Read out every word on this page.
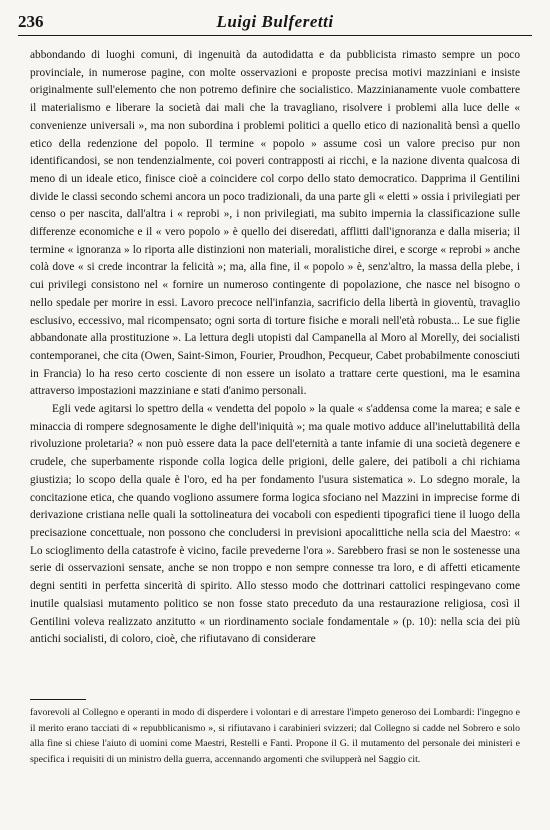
236	Luigi Bulferetti

abbondando di luoghi comuni, di ingenuità da autodidatta e da pubblicista rimasto sempre un poco provinciale, in numerose pagine, con molte osservazioni e proposte precisa motivi mazziniani e insiste originalmente sull'elemento che non potremo definire che socialistico. Mazzinianamente vuole combattere il materialismo e liberare la società dai mali che la travagliano, risolvere i problemi alla luce delle « convenienze universali », ma non subordina i problemi politici a quello etico di nazionalità bensì a quello etico della redenzione del popolo. Il termine « popolo » assume così un valore preciso pur non identificandosi, se non tendenzialmente, coi poveri contrapposti ai ricchi, e la nazione diventa qualcosa di meno di un ideale etico, finisce cioè a coincidere col corpo dello stato democratico. Dapprima il Gentilini divide le classi secondo schemi ancora un poco tradizionali, da una parte gli « eletti » ossia i privilegiati per censo o per nascita, dall'altra i « reprobi », i non privilegiati, ma subito impernia la classificazione sulle differenze economiche e il « vero popolo » è quello dei diseredati, afflitti dall'ignoranza e dalla miseria; il termine « ignoranza » lo riporta alle distinzioni non materiali, moralistiche direi, e scorge « reprobi » anche colà dove « si crede incontrar la felicità »; ma, alla fine, il « popolo » è, senz'altro, la massa della plebe, i cui privilegi consistono nel « fornire un numeroso contingente di popolazione, che nasce nel bisogno o nello spedale per morire in essi. Lavoro precoce nell'infanzia, sacrificio della libertà in gioventù, travaglio esclusivo, eccessivo, mal ricompensato; ogni sorta di torture fisiche e morali nell'età robusta... Le sue figlie abbandonate alla prostituzione ». La lettura degli utopisti dal Campanella al Moro al Morelly, dei socialisti contemporanei, che cita (Owen, Saint-Simon, Fourier, Proudhon, Pecqueur, Cabet probabilmente conosciuti in Francia) lo ha reso certo cosciente di non essere un isolato a trattare certe questioni, ma le esamina attraverso impostazioni mazziniane e stati d'animo personali.

Egli vede agitarsi lo spettro della « vendetta del popolo » la quale « s'addensa come la marea; e sale e minaccia di rompere sdegnosamente le dighe dell'iniquità »; ma quale motivo adduce all'ineluttabilità della rivoluzione proletaria? « non può essere data la pace dell'eternità a tante infamie di una società degenere e crudele, che superbamente risponde colla logica delle prigioni, delle galere, dei patiboli a chi richiama giustizia; lo scopo della quale è l'oro, ed ha per fondamento l'usura sistematica ». Lo sdegno morale, la concitazione etica, che quando vogliono assumere forma logica sfociano nel Mazzini in imprecise forme di derivazione cristiana nelle quali la sottolineatura dei vocaboli con espedienti tipografici tiene il luogo della precisazione concettuale, non possono che concludersi in previsioni apocalittiche nella scia del Maestro: « Lo scioglimento della catastrofe è vicino, facile prevederne l'ora ». Sarebbero frasi se non le sostenesse una serie di osservazioni sensate, anche se non troppo e non sempre connesse tra loro, e di affetti eticamente degni sentiti in perfetta sincerità di spirito. Allo stesso modo che dottrinari cattolici respingevano come inutile qualsiasi mutamento politico se non fosse stato preceduto da una restaurazione religiosa, così il Gentilini voleva realizzato anzitutto « un riordinamento sociale fondamentale » (p. 10): nella scia dei più antichi socialisti, di coloro, cioè, che rifiutavano di considerare

favorevoli al Collegno e operanti in modo di disperdere i volontari e di arrestare l'impeto generoso dei Lombardi: l'ingegno e il merito erano tacciati di « repubblicanismo », si rifiutavano i carabinieri svizzeri; dal Collegno si cadde nel Sobrero e solo alla fine si chiese l'aiuto di uomini come Maestri, Restelli e Fanti. Propone il G. il mutamento del personale dei ministeri e specifica i requisiti di un ministro della guerra, accennando argomenti che svilupperà nel Saggio cit.
